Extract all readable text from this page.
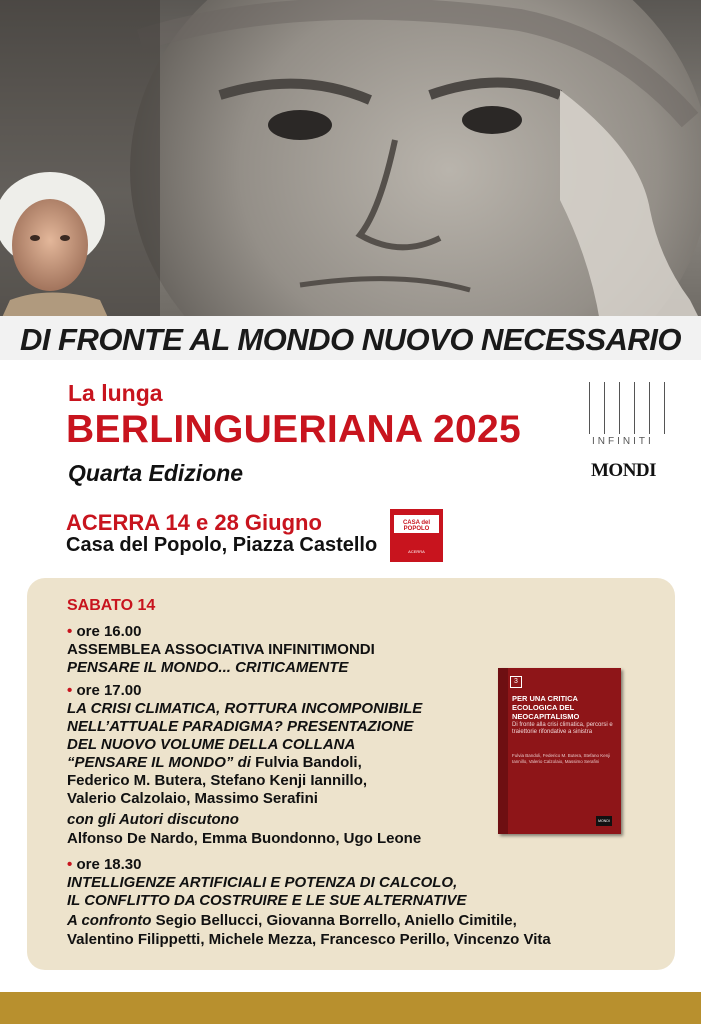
DI FRONTE AL MONDO NUOVO NECESSARIO
La lunga
BERLINGUERIANA 2025
Quarta Edizione
ACERRA 14 e 28 Giugno
Casa del Popolo, Piazza Castello
INFINITI
MONDI
CASA del POPOLO
ACERRA
SABATO 14
• ore 16.00
ASSEMBLEA ASSOCIATIVA INFINITIMONDI
PENSARE IL MONDO... CRITICAMENTE
• ore 17.00
LA CRISI CLIMATICA, ROTTURA INCOMPONIBILE
NELL’ATTUALE PARADIGMA? PRESENTAZIONE
DEL NUOVO VOLUME DELLA COLLANA
“PENSARE IL MONDO” di Fulvia Bandoli,
Federico M. Butera, Stefano Kenji Iannillo,
Valerio Calzolaio, Massimo Serafini
con gli Autori discutono
Alfonso De Nardo, Emma Buondonno, Ugo Leone
• ore 18.30
INTELLIGENZE ARTIFICIALI E POTENZA DI CALCOLO,
IL CONFLITTO DA COSTRUIRE E LE SUE ALTERNATIVE
A confronto Segio Bellucci, Giovanna Borrello, Aniello Cimitile,
Valentino Filippetti, Michele Mezza, Francesco Perillo, Vincenzo Vita
3
PER UNA CRITICA ECOLOGICA DEL NEOCAPITALISMO
Di fronte alla crisi climatica, percorsi e traiettorie rifondative a sinistra
Fulvia Bandoli, Federico M. Butera, Stefano Kenji Iannillo, Valerio Calzolaio, Massimo Serafini
MONDI
